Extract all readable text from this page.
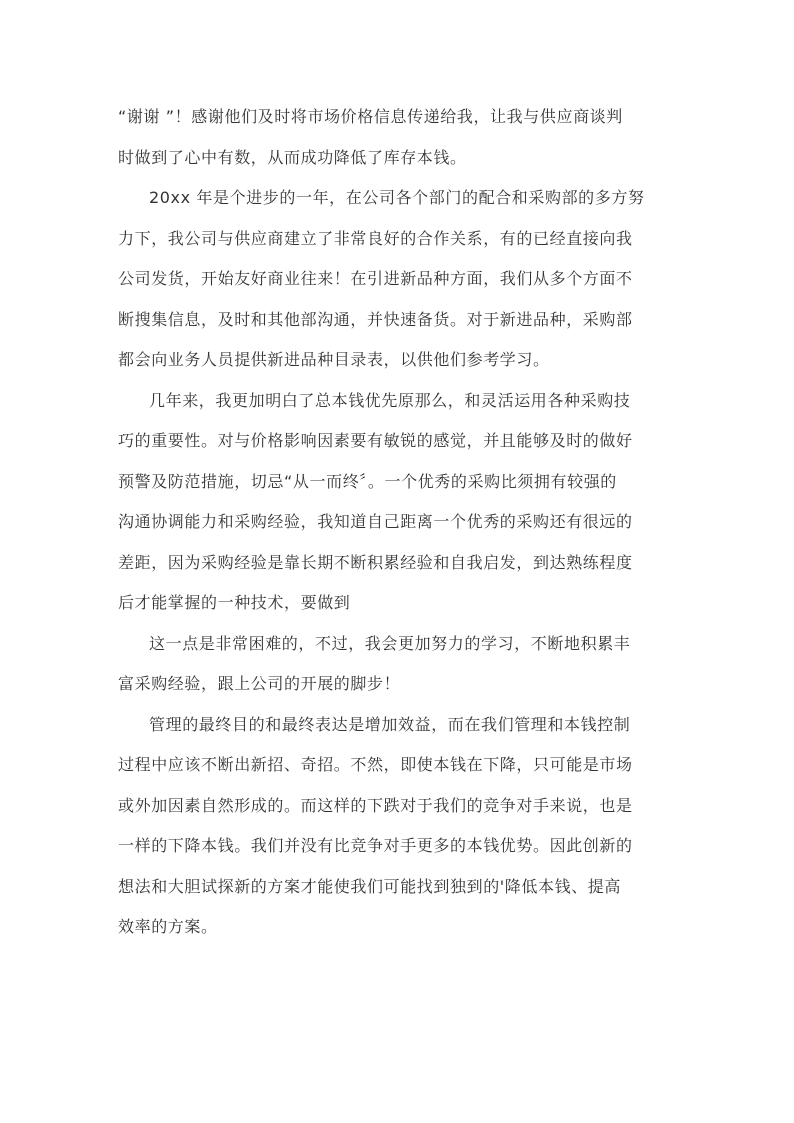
“谢谢 ”！感谢他们及时将市场价格信息传递给我，让我与供应商谈判
时做到了心中有数，从而成功降低了库存本钱。
20xx 年是个进步的一年，在公司各个部门的配合和采购部的多方努
力下，我公司与供应商建立了非常良好的合作关系，有的已经直接向我
公司发货，开始友好商业往来！在引进新品种方面，我们从多个方面不
断搜集信息，及时和其他部沟通，并快速备货。对于新进品种，采购部
都会向业务人员提供新进品种目录表，以供他们参考学习。
几年来，我更加明白了总本钱优先原那么，和灵活运用各种采购技
巧的重要性。对与价格影响因素要有敏锐的感觉，并且能够及时的做好
预警及防范措施，切忌“从一而终〞。一个优秀的采购比须拥有较强的
沟通协调能力和采购经验，我知道自己距离一个优秀的采购还有很远的
差距，因为采购经验是靠长期不断积累经验和自我启发，到达熟练程度
后才能掌握的一种技术，要做到
这一点是非常困难的，不过，我会更加努力的学习，不断地积累丰
富采购经验，跟上公司的开展的脚步！
管理的最终目的和最终表达是增加效益，而在我们管理和本钱控制
过程中应该不断出新招、奇招。不然，即使本钱在下降，只可能是市场
或外加因素自然形成的。而这样的下跌对于我们的竞争对手来说，也是
一样的下降本钱。我们并没有比竞争对手更多的本钱优势。因此创新的
想法和大胆试探新的方案才能使我们可能找到独到的'降低本钱、提高
效率的方案。
